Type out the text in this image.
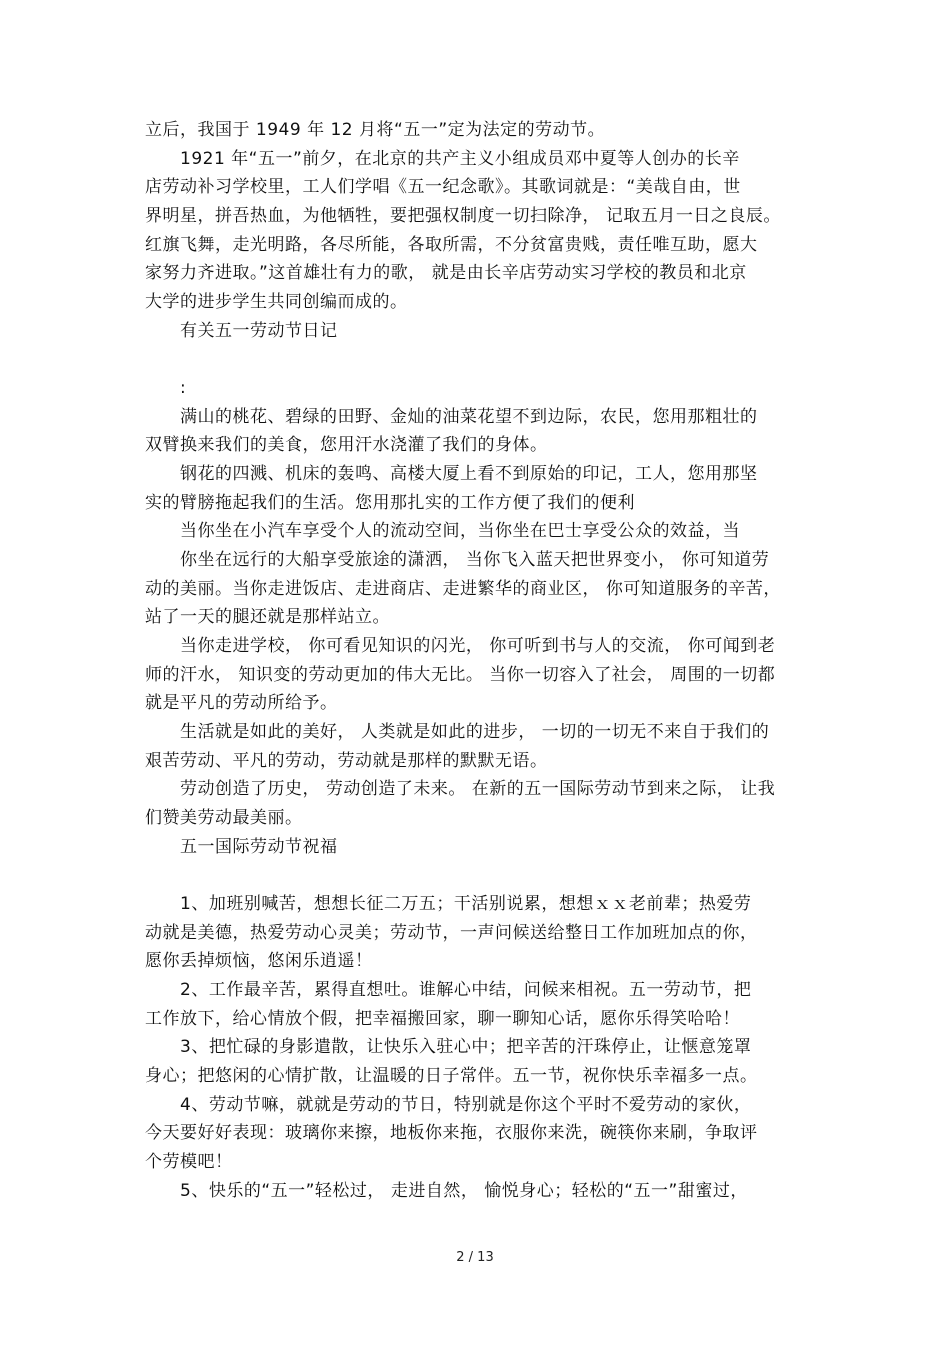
立后，我国于 1949 年 12 月将“五一”定为法定的劳动节。
1921 年“五一”前夕，在北京的共产主义小组成员邓中夏等人创办的长辛
店劳动补习学校里，工人们学唱《五一纪念歌》。其歌词就是：“美哉自由，世
界明星，拼吾热血，为他牺牲，要把强权制度一切扫除净， 记取五月一日之良辰。
红旗飞舞，走光明路，各尽所能，各取所需，不分贫富贵贱，责任唯互助，愿大
家努力齐进取。”这首雄壮有力的歌， 就是由长辛店劳动实习学校的教员和北京
大学的进步学生共同创编而成的。
有关五一劳动节日记
:
满山的桃花、碧绿的田野、金灿的油菜花望不到边际，农民，您用那粗壮的
双臂换来我们的美食，您用汗水浇灌了我们的身体。
钢花的四溅、机床的轰鸣、高楼大厦上看不到原始的印记，工人，您用那坚
实的臂膀拖起我们的生活。您用那扎实的工作方便了我们的便利
当你坐在小汽车享受个人的流动空间，当你坐在巴士享受公众的效益，当
你坐在远行的大船享受旅途的潇洒， 当你飞入蓝天把世界变小， 你可知道劳
动的美丽。当你走进饭店、走进商店、走进繁华的商业区， 你可知道服务的辛苦，
站了一天的腿还就是那样站立。
当你走进学校， 你可看见知识的闪光， 你可听到书与人的交流， 你可闻到老
师的汗水， 知识变的劳动更加的伟大无比。 当你一切容入了社会， 周围的一切都
就是平凡的劳动所给予。
生活就是如此的美好， 人类就是如此的进步， 一切的一切无不来自于我们的
艰苦劳动、平凡的劳动，劳动就是那样的默默无语。
劳动创造了历史， 劳动创造了未来。 在新的五一国际劳动节到来之际， 让我
们赞美劳动最美丽。
五一国际劳动节祝福
1、加班别喊苦，想想长征二万五；干活别说累，想想ｘｘ老前辈；热爱劳
动就是美德，热爱劳动心灵美；劳动节，一声问候送给整日工作加班加点的你，
愿你丢掉烦恼，悠闲乐逍遥！
2、工作最辛苦，累得直想吐。谁解心中结，问候来相祝。五一劳动节，把
工作放下，给心情放个假，把幸福搬回家，聊一聊知心话，愿你乐得笑哈哈！
3、把忙碌的身影遣散，让快乐入驻心中；把辛苦的汗珠停止，让惬意笼罩
身心；把悠闲的心情扩散，让温暖的日子常伴。五一节，祝你快乐幸福多一点。
4、劳动节嘛，就就是劳动的节日，特别就是你这个平时不爱劳动的家伙，
今天要好好表现：玻璃你来擦，地板你来拖，衣服你来洗，碗筷你来刷，争取评
个劳模吧！
5、快乐的“五一”轻松过， 走进自然， 愉悦身心；轻松的“五一”甜蜜过，
2 / 13
